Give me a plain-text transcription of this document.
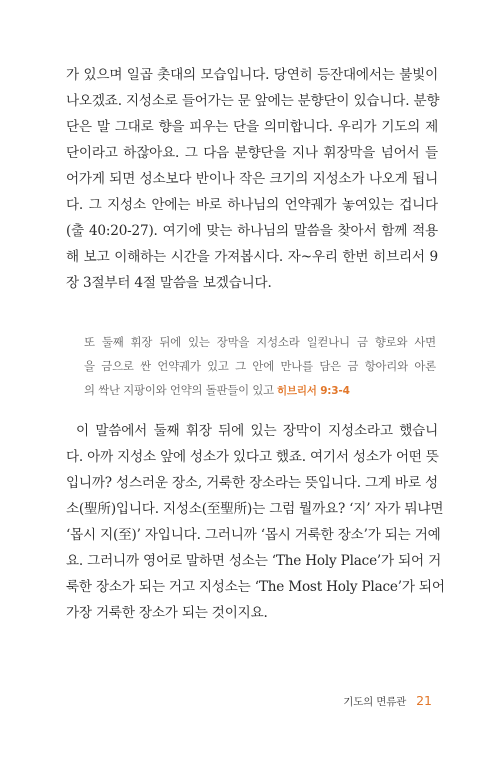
가 있으며 일곱 촛대의 모습입니다. 당연히 등잔대에서는 불빛이
나오겠죠. 지성소로 들어가는 문 앞에는 분향단이 있습니다. 분향
단은 말 그대로 향을 피우는 단을 의미합니다. 우리가 기도의 제
단이라고 하잖아요. 그 다음 분향단을 지나 휘장막을 넘어서 들
어가게 되면 성소보다 반이나 작은 크기의 지성소가 나오게 됩니
다. 그 지성소 안에는 바로 하나님의 언약궤가 놓여있는 겁니다
(출 40:20-27). 여기에 맞는 하나님의 말씀을 찾아서 함께 적용
해 보고 이해하는 시간을 가져봅시다. 자~우리 한번 히브리서 9
장 3절부터 4절 말씀을 보겠습니다.
또 둘째 휘장 뒤에 있는 장막을 지성소라 일컫나니 금 향로와 사면
을 금으로 싼 언약궤가 있고 그 안에 만나를 담은 금 항아리와 아론
의 싹난 지팡이와 언약의 돌판들이 있고 히브리서 9:3-4
이 말씀에서 둘째 휘장 뒤에 있는 장막이 지성소라고 했습니
다. 아까 지성소 앞에 성소가 있다고 했죠. 여기서 성소가 어떤 뜻
입니까? 성스러운 장소, 거룩한 장소라는 뜻입니다. 그게 바로 성
소(聖所)입니다. 지성소(至聖所)는 그럼 뭘까요? ‘지’ 자가 뭐냐면
‘몹시 지(至)’ 자입니다. 그러니까 ‘몹시 거룩한 장소’가 되는 거예
요. 그러니까 영어로 말하면 성소는 ‘The Holy Place’가 되어 거
룩한 장소가 되는 거고 지성소는 ‘The Most Holy Place’가 되어
가장 거룩한 장소가 되는 것이지요.
기도의 면류관 21
